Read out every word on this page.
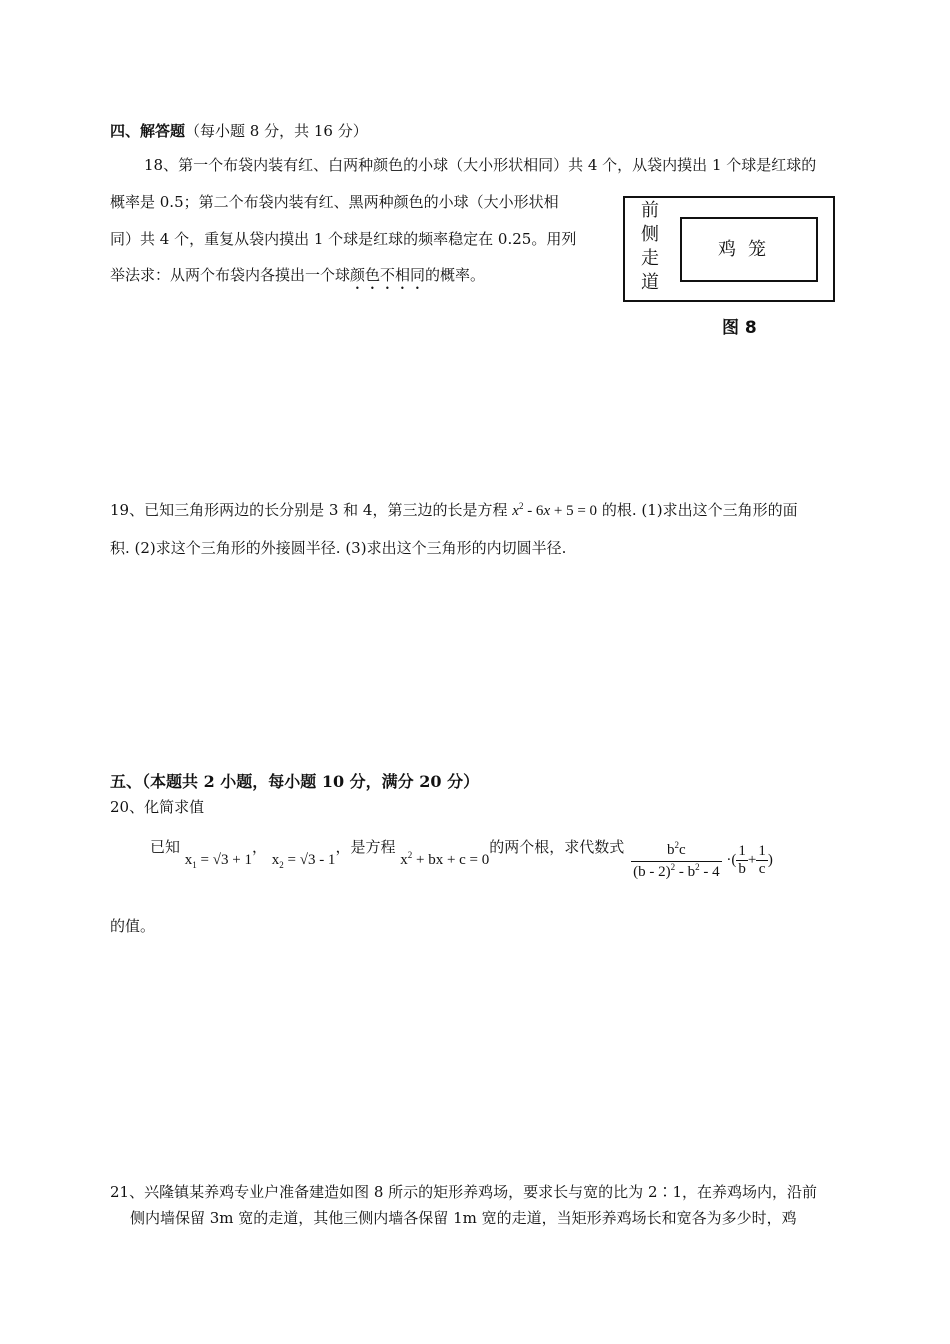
四、解答题（每小题 8 分，共 16 分）
18、第一个布袋内装有红、白两种颜色的小球（大小形状相同）共 4 个，从袋内摸出 1 个球是红球的
概率是 0.5；第二个布袋内装有红、黑两种颜色的小球（大小形状相
同）共 4 个，重复从袋内摸出 1 个球是红球的频率稳定在 0.25。用列
举法求：从两个布袋内各摸出一个球颜色不相同的概率。
前
侧
走
道
鸡笼
图 8
19、已知三角形两边的长分别是 3 和 4，第三边的长是方程 $x^2 - 6x + 5 = 0$ 的根. (1)求出这个三角形的面
积. (2)求这个三角形的外接圆半径. (3)求出这个三角形的内切圆半径.
五、（本题共 2 小题，每小题 10 分，满分 20 分）
20、化简求值
已知 $x_1 = √3 + 1$， $x_2 = √3 - 1$，是方程 $x^2$ + bx + c = 0的两个根，求代数式 $\frac{b^2c}{(b - 2)^2 - b^2 - 4}$ ·( $\frac{1}{b} + \frac{1}{c}$ )
的值。
21、兴隆镇某养鸡专业户准备建造如图 8 所示的矩形养鸡场，要求长与宽的比为 2∶1，在养鸡场内，沿前
侧内墙保留 3m 宽的走道，其他三侧内墙各保留 1m 宽的走道，当矩形养鸡场长和宽各为多少时，鸡
